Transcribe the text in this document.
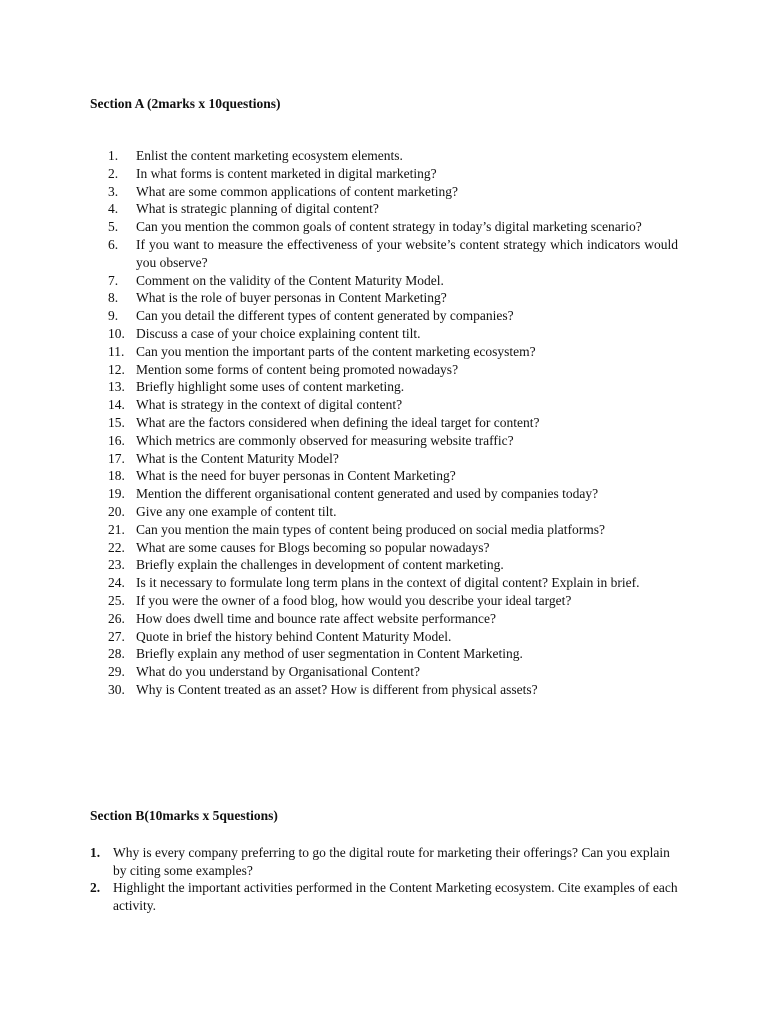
Section A (2marks x 10questions)
1.	Enlist the content marketing ecosystem elements.
2.	In what forms is content marketed in digital marketing?
3.	What are some common applications of content marketing?
4.	What is strategic planning of digital content?
5.	Can you mention the common goals of content strategy in today’s digital marketing scenario?
6.	If you want to measure the effectiveness of your website’s content strategy which indicators would you observe?
7.	Comment on the validity of the Content Maturity Model.
8.	What is the role of buyer personas in Content Marketing?
9.	Can you detail the different types of content generated by companies?
10. Discuss a case of your choice explaining content tilt.
11. Can you mention the important parts of the content marketing ecosystem?
12. Mention some forms of content being promoted nowadays?
13. Briefly highlight some uses of content marketing.
14. What is strategy in the context of digital content?
15. What are the factors considered when defining the ideal target for content?
16. Which metrics are commonly observed for measuring website traffic?
17. What is the Content Maturity Model?
18. What is the need for buyer personas in Content Marketing?
19. Mention the different organisational content generated and used by companies today?
20. Give any one example of content tilt.
21. Can you mention the main types of content being produced on social media platforms?
22. What are some causes for Blogs becoming so popular nowadays?
23. Briefly explain the challenges in development of content marketing.
24. Is it necessary to formulate long term plans in the context of digital content? Explain in brief.
25. If you were the owner of a food blog, how would you describe your ideal target?
26. How does dwell time and bounce rate affect website performance?
27. Quote in brief the history behind Content Maturity Model.
28. Briefly explain any method of user segmentation in Content Marketing.
29. What do you understand by Organisational Content?
30. Why is Content treated as an asset? How is different from physical assets?
Section B(10marks x 5questions)
1. Why is every company preferring to go the digital route for marketing their offerings? Can you explain by citing some examples?
2. Highlight the important activities performed in the Content Marketing ecosystem. Cite examples of each activity.
